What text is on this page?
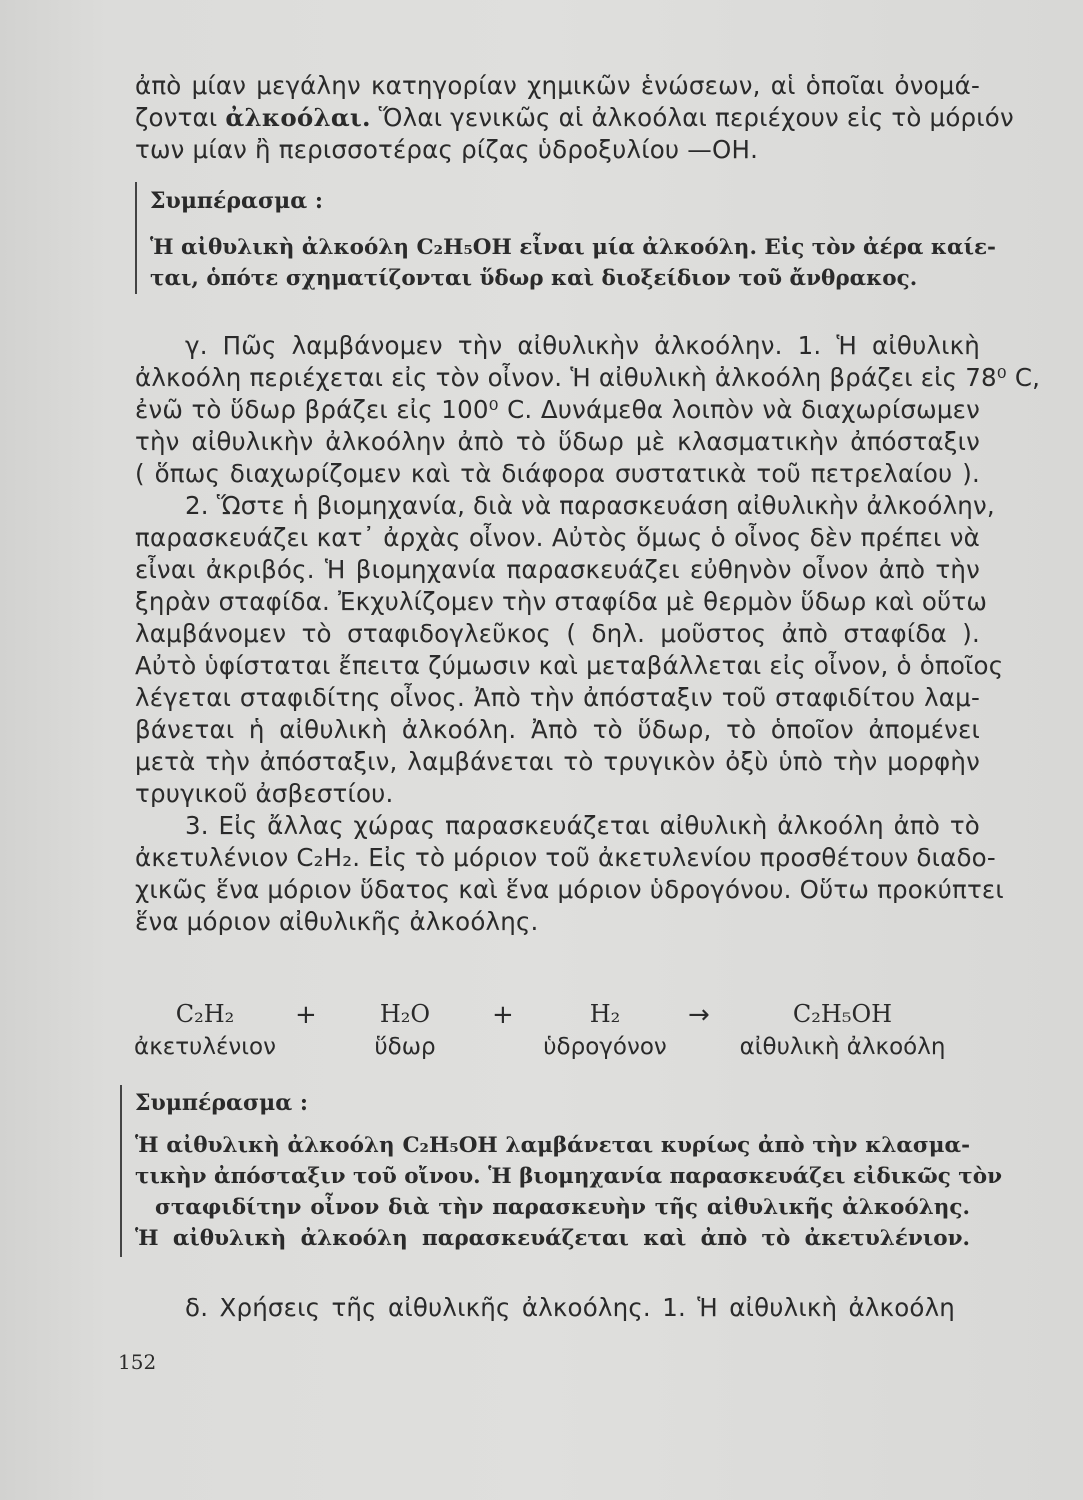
ἀπὸ μίαν μεγάλην κατηγορίαν χημικῶν ἑνώσεων, αἱ ὁποῖαι ὀνομά-
ζονται ἀλκοόλαι. Ὅλαι γενικῶς αἱ ἀλκοόλαι περιέχουν εἰς τὸ μόριόν
των μίαν ἢ περισσοτέρας ρίζας ὑδροξυλίου —ΟΗ.
Συμπέρασμα :
Ἡ αἰθυλικὴ ἀλκοόλη C₂H₅OH εἶναι μία ἀλκοόλη. Εἰς τὸν ἀέρα καίε-
ται, ὁπότε σχηματίζονται ὕδωρ καὶ διοξείδιον τοῦ ἄνθρακος.
γ. Πῶς λαμβάνομεν τὴν αἰθυλικὴν ἀλκοόλην. 1. Ἡ αἰθυλικὴ
ἀλκοόλη περιέχεται εἰς τὸν οἶνον. Ἡ αἰθυλικὴ ἀλκοόλη βράζει εἰς 78⁰ C,
ἐνῶ τὸ ὕδωρ βράζει εἰς 100⁰ C. Δυνάμεθα λοιπὸν νὰ διαχωρίσωμεν
τὴν αἰθυλικὴν ἀλκοόλην ἀπὸ τὸ ὕδωρ μὲ κλασματικὴν ἀπόσταξιν
( ὅπως διαχωρίζομεν καὶ τὰ διάφορα συστατικὰ τοῦ πετρελαίου ).
2. Ὥστε ἡ βιομηχανία, διὰ νὰ παρασκευάση αἰθυλικὴν ἀλκοόλην,
παρασκευάζει κατ᾽ ἀρχὰς οἶνον. Αὐτὸς ὅμως ὁ οἶνος δὲν πρέπει νὰ
εἶναι ἀκριβός. Ἡ βιομηχανία παρασκευάζει εὐθηνὸν οἶνον ἀπὸ τὴν
ξηρὰν σταφίδα. Ἐκχυλίζομεν τὴν σταφίδα μὲ θερμὸν ὕδωρ καὶ οὕτω
λαμβάνομεν τὸ σταφιδογλεῦκος ( δηλ. μοῦστος ἀπὸ σταφίδα ).
Αὐτὸ ὑφίσταται ἔπειτα ζύμωσιν καὶ μεταβάλλεται εἰς οἶνον, ὁ ὁποῖος
λέγεται σταφιδίτης οἶνος. Ἀπὸ τὴν ἀπόσταξιν τοῦ σταφιδίτου λαμ-
βάνεται ἡ αἰθυλικὴ ἀλκοόλη. Ἀπὸ τὸ ὕδωρ, τὸ ὁποῖον ἀπομένει
μετὰ τὴν ἀπόσταξιν, λαμβάνεται τὸ τρυγικὸν ὀξὺ ὑπὸ τὴν μορφὴν
τρυγικοῦ ἀσβεστίου.
3. Εἰς ἄλλας χώρας παρασκευάζεται αἰθυλικὴ ἀλκοόλη ἀπὸ τὸ
ἀκετυλένιον C₂H₂. Εἰς τὸ μόριον τοῦ ἀκετυλενίου προσθέτουν διαδο-
χικῶς ἕνα μόριον ὕδατος καὶ ἕνα μόριον ὑδρογόνου. Οὕτω προκύπτει
ἕνα μόριον αἰθυλικῆς ἀλκοόλης.
C₂H₂
ἀκετυλένιον
+	H₂O
ὕδωρ
+	H₂
ὑδρογόνον
→	C₂H₅OH
αἰθυλικὴ ἀλκοόλη
Συμπέρασμα :
Ἡ αἰθυλικὴ ἀλκοόλη C₂H₅OH λαμβάνεται κυρίως ἀπὸ τὴν κλασμα-
τικὴν ἀπόσταξιν τοῦ οἴνου. Ἡ βιομηχανία παρασκευάζει εἰδικῶς τὸν
σταφιδίτην οἶνον διὰ τὴν παρασκευὴν τῆς αἰθυλικῆς ἀλκοόλης.
Ἡ αἰθυλικὴ ἀλκοόλη παρασκευάζεται καὶ ἀπὸ τὸ ἀκετυλένιον.
δ. Χρήσεις τῆς αἰθυλικῆς ἀλκοόλης. 1. Ἡ αἰθυλικὴ ἀλκοόλη
152
